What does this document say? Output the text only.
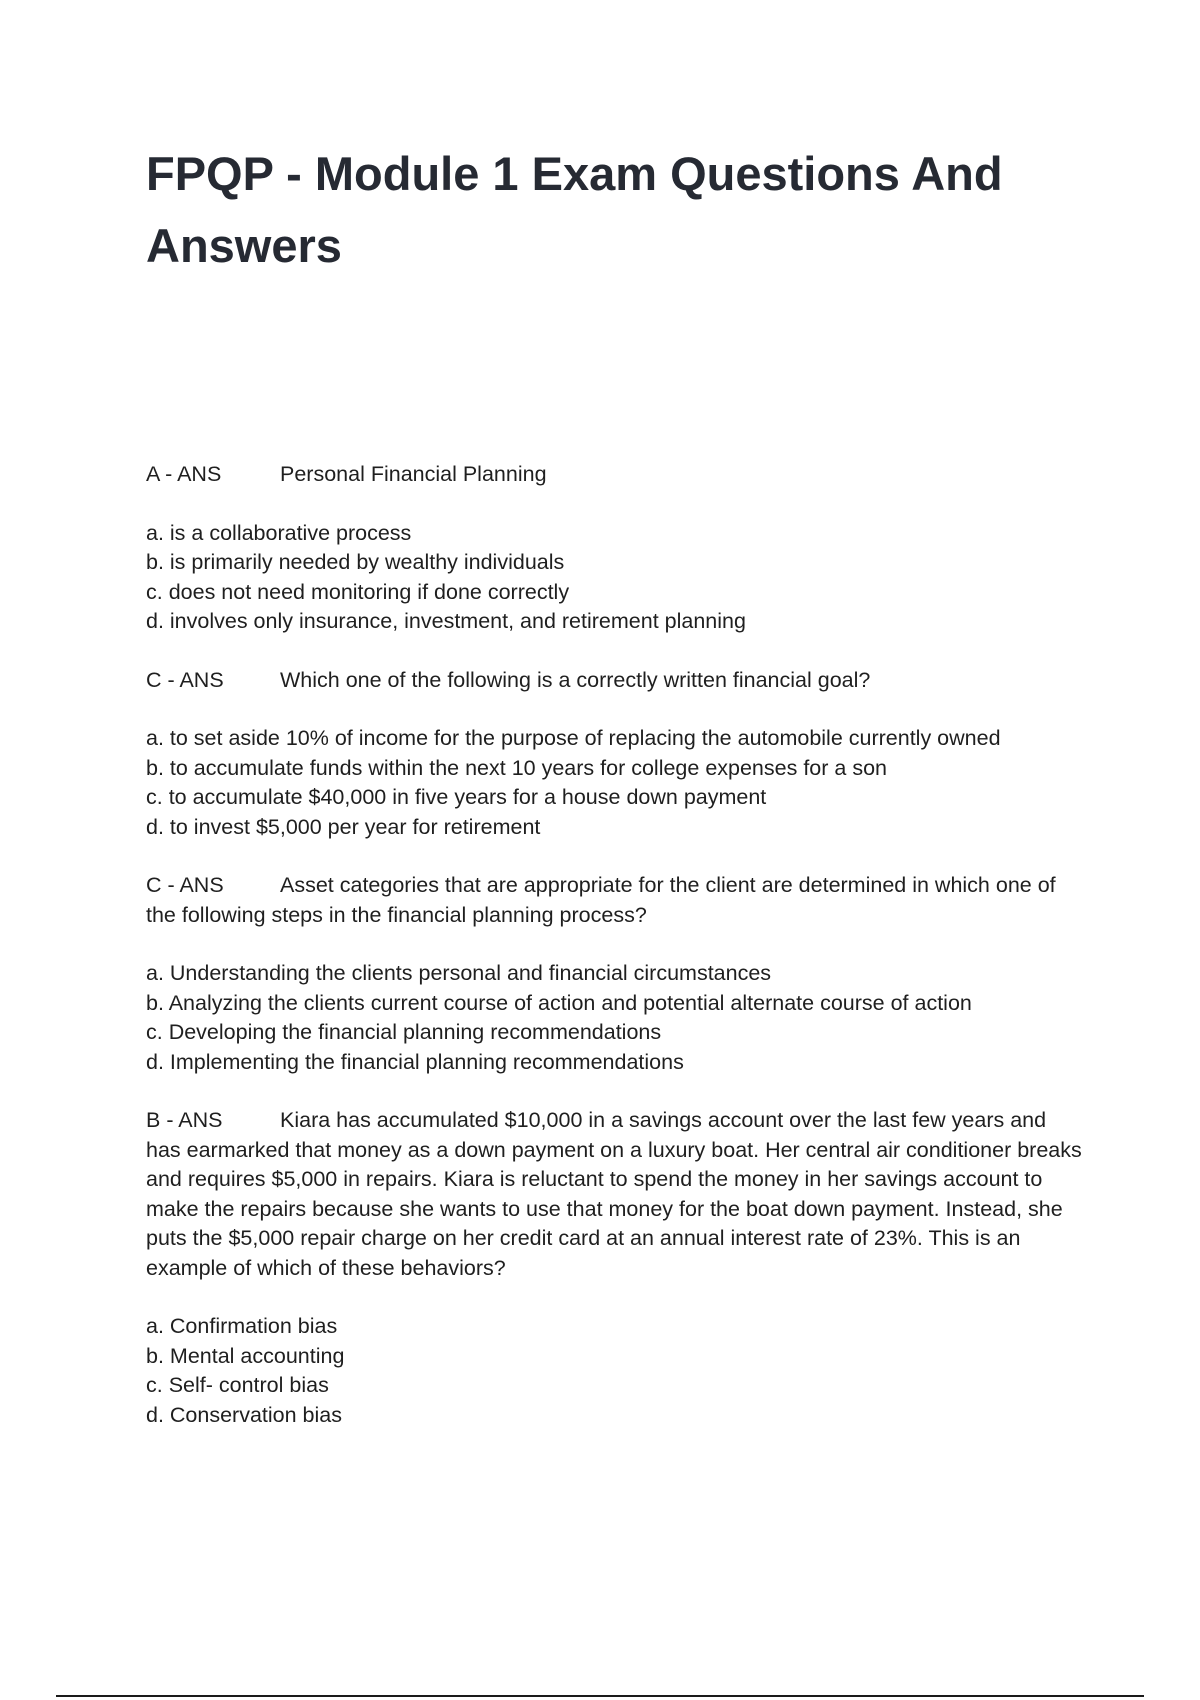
FPQP - Module 1 Exam Questions And Answers

A - ANS	Personal Financial Planning

a. is a collaborative process
b. is primarily needed by wealthy individuals
c. does not need monitoring if done correctly
d. involves only insurance, investment, and retirement planning

C - ANS	Which one of the following is a correctly written financial goal?

a. to set aside 10% of income for the purpose of replacing the automobile currently owned
b. to accumulate funds within the next 10 years for college expenses for a son
c. to accumulate $40,000 in five years for a house down payment
d. to invest $5,000 per year for retirement

C - ANS	Asset categories that are appropriate for the client are determined in which one of the following steps in the financial planning process?

a. Understanding the clients personal and financial circumstances
b. Analyzing the clients current course of action and potential alternate course of action
c. Developing the financial planning recommendations
d. Implementing the financial planning recommendations

B - ANS	Kiara has accumulated $10,000 in a savings account over the last few years and has earmarked that money as a down payment on a luxury boat. Her central air conditioner breaks and requires $5,000 in repairs. Kiara is reluctant to spend the money in her savings account to make the repairs because she wants to use that money for the boat down payment. Instead, she puts the $5,000 repair charge on her credit card at an annual interest rate of 23%. This is an example of which of these behaviors?

a. Confirmation bias
b. Mental accounting
c. Self- control bias
d. Conservation bias
